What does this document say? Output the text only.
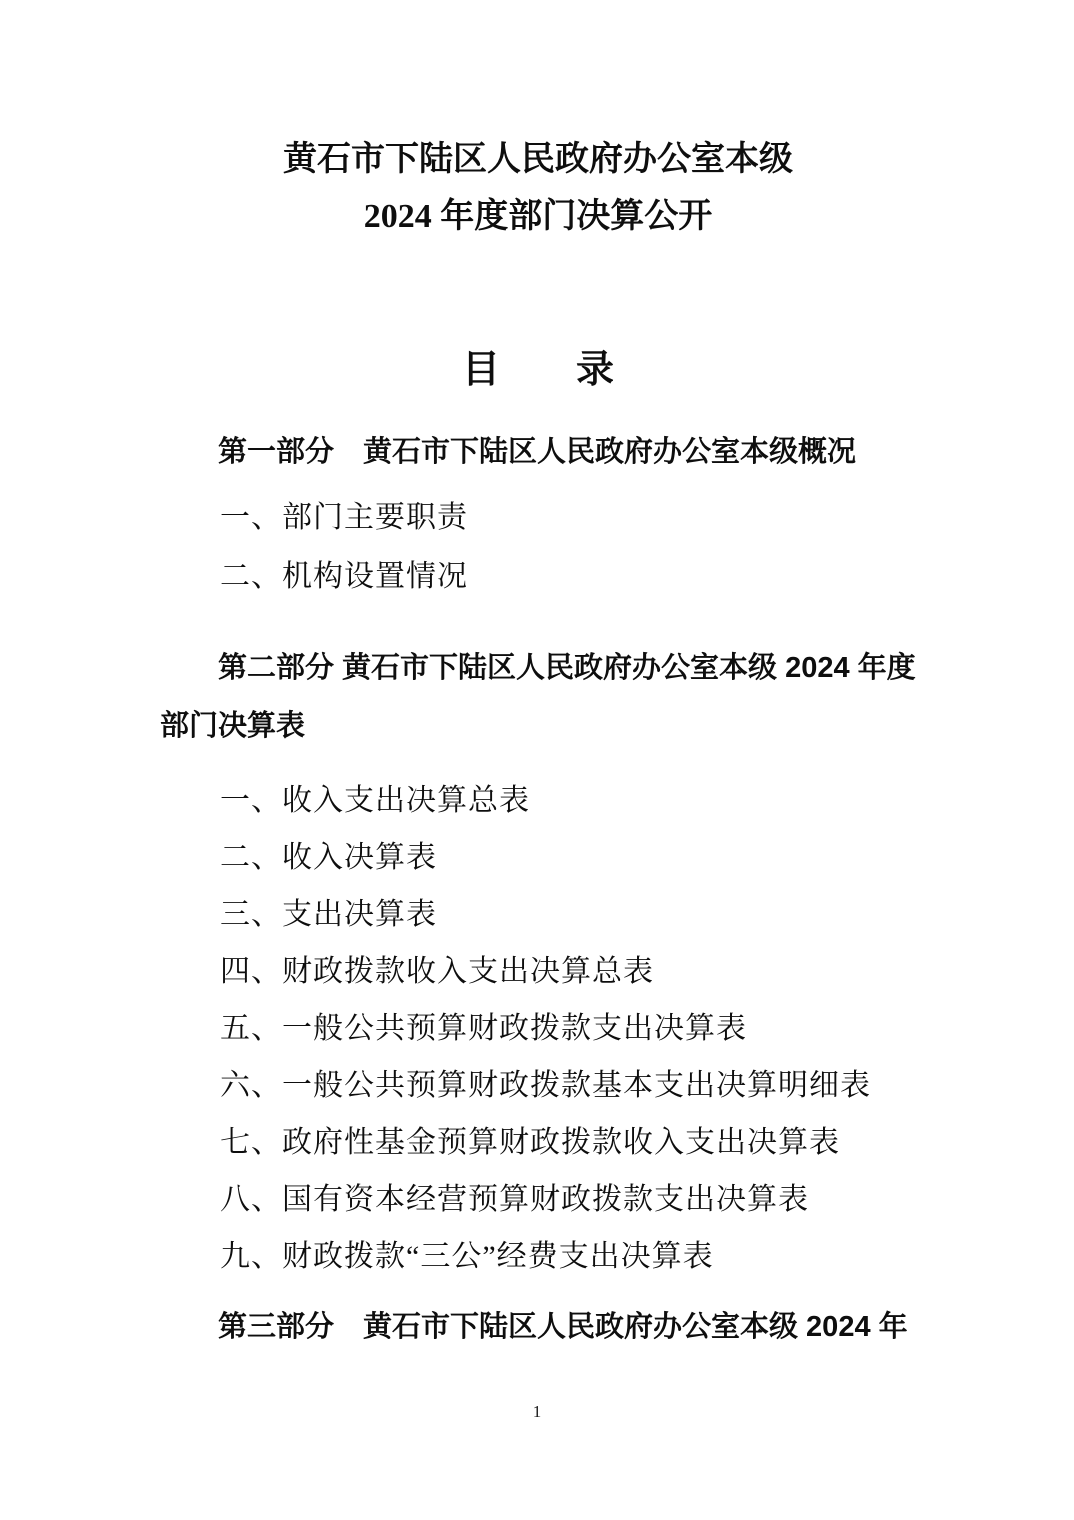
黄石市下陆区人民政府办公室本级
2024 年度部门决算公开
目　　录
第一部分　黄石市下陆区人民政府办公室本级概况

一、部门主要职责

二、机构设置情况

第二部分 黄石市下陆区人民政府办公室本级 2024 年度部门决算表

一、收入支出决算总表

二、收入决算表

三、支出决算表

四、财政拨款收入支出决算总表

五、一般公共预算财政拨款支出决算表

六、一般公共预算财政拨款基本支出决算明细表

七、政府性基金预算财政拨款收入支出决算表

八、国有资本经营预算财政拨款支出决算表

九、财政拨款“三公”经费支出决算表

第三部分　黄石市下陆区人民政府办公室本级 2024 年
1
